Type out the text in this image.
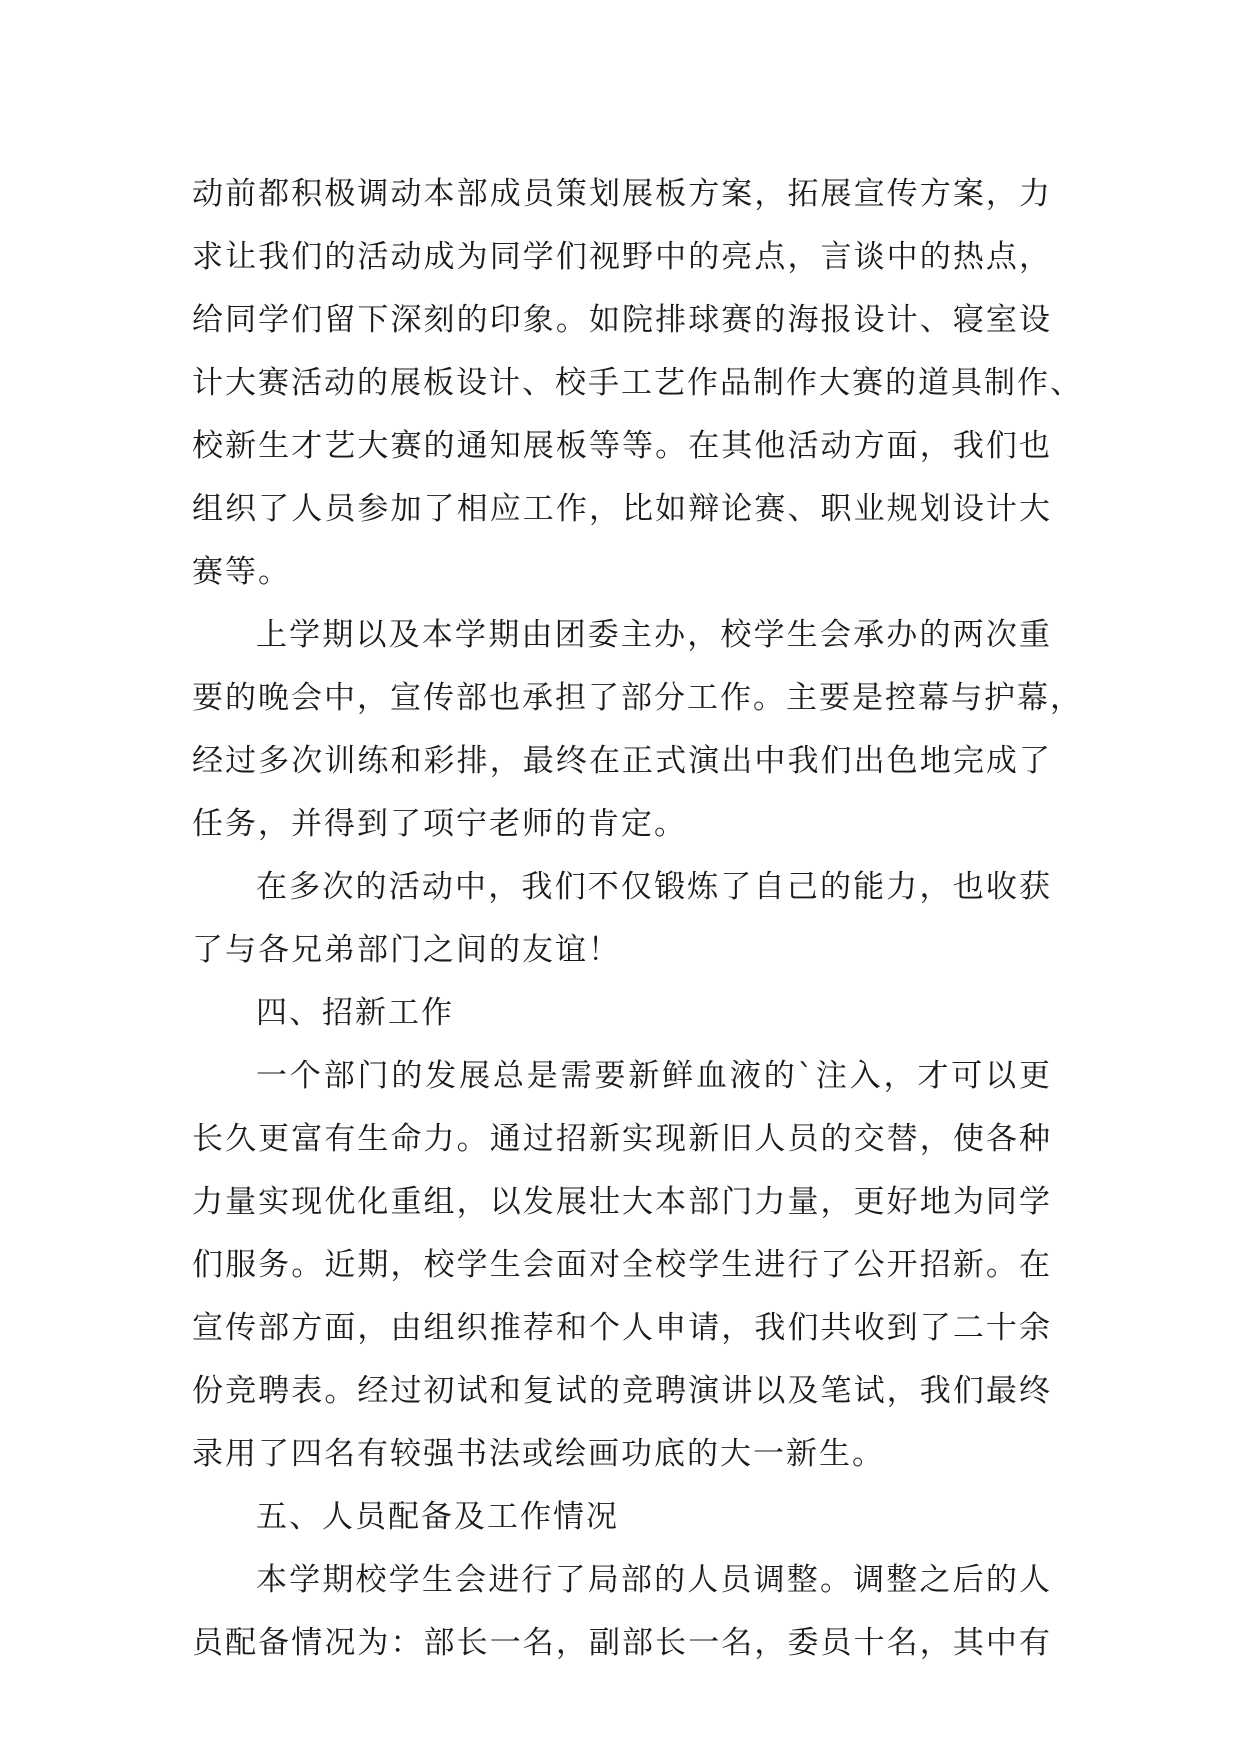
动前都积极调动本部成员策划展板方案，拓展宣传方案，力
求让我们的活动成为同学们视野中的亮点，言谈中的热点，
给同学们留下深刻的印象。如院排球赛的海报设计、寝室设
计大赛活动的展板设计、校手工艺作品制作大赛的道具制作、
校新生才艺大赛的通知展板等等。在其他活动方面，我们也
组织了人员参加了相应工作，比如辩论赛、职业规划设计大
赛等。
上学期以及本学期由团委主办，校学生会承办的两次重
要的晚会中，宣传部也承担了部分工作。主要是控幕与护幕，
经过多次训练和彩排，最终在正式演出中我们出色地完成了
任务，并得到了项宁老师的肯定。
在多次的活动中，我们不仅锻炼了自己的能力，也收获
了与各兄弟部门之间的友谊！
四、招新工作
一个部门的发展总是需要新鲜血液的`注入，才可以更
长久更富有生命力。通过招新实现新旧人员的交替，使各种
力量实现优化重组，以发展壮大本部门力量，更好地为同学
们服务。近期，校学生会面对全校学生进行了公开招新。在
宣传部方面，由组织推荐和个人申请，我们共收到了二十余
份竞聘表。经过初试和复试的竞聘演讲以及笔试，我们最终
录用了四名有较强书法或绘画功底的大一新生。
五、人员配备及工作情况
本学期校学生会进行了局部的人员调整。调整之后的人
员配备情况为：部长一名，副部长一名，委员十名，其中有
